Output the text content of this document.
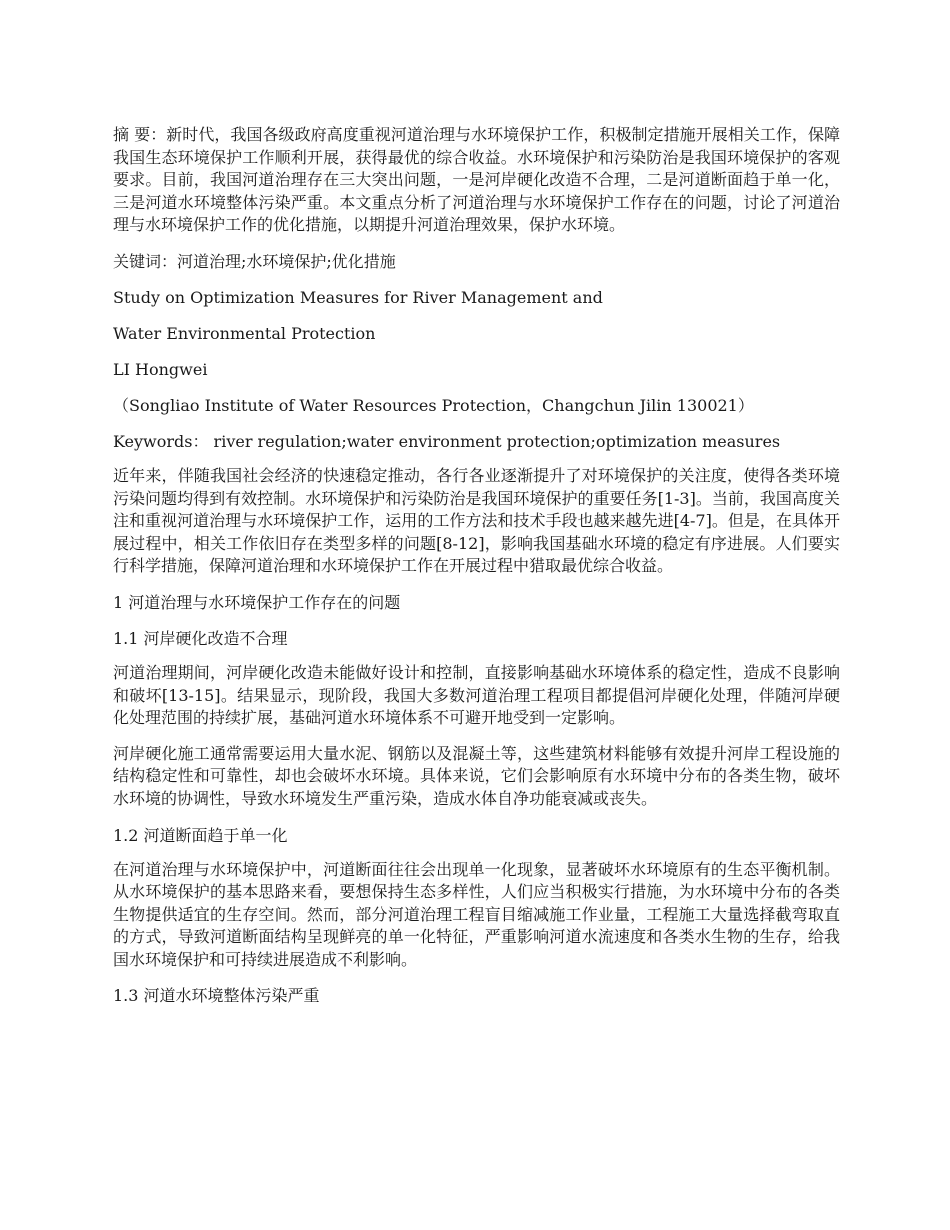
摘 要：新时代，我国各级政府高度重视河道治理与水环境保护工作，积极制定措施开展相关工作，保障我国生态环境保护工作顺利开展，获得最优的综合收益。水环境保护和污染防治是我国环境保护的客观要求。目前，我国河道治理存在三大突出问题，一是河岸硬化改造不合理，二是河道断面趋于单一化，三是河道水环境整体污染严重。本文重点分析了河道治理与水环境保护工作存在的问题，讨论了河道治理与水环境保护工作的优化措施，以期提升河道治理效果，保护水环境。

关键词：河道治理;水环境保护;优化措施

Study on Optimization Measures for River Management and

Water Environmental Protection

LI Hongwei

（Songliao Institute of Water Resources Protection，Changchun Jilin 130021）

Keywords： river regulation;water environment protection;optimization measures

近年来，伴随我国社会经济的快速稳定推动，各行各业逐渐提升了对环境保护的关注度，使得各类环境污染问题均得到有效控制。水环境保护和污染防治是我国环境保护的重要任务[1-3]。当前，我国高度关注和重视河道治理与水环境保护工作，运用的工作方法和技术手段也越来越先进[4-7]。但是，在具体开展过程中，相关工作依旧存在类型多样的问题[8-12]，影响我国基础水环境的稳定有序进展。人们要实行科学措施，保障河道治理和水环境保护工作在开展过程中猎取最优综合收益。

1 河道治理与水环境保护工作存在的问题

1.1 河岸硬化改造不合理

河道治理期间，河岸硬化改造未能做好设计和控制，直接影响基础水环境体系的稳定性，造成不良影响和破坏[13-15]。结果显示，现阶段，我国大多数河道治理工程项目都提倡河岸硬化处理，伴随河岸硬化处理范围的持续扩展，基础河道水环境体系不可避开地受到一定影响。

河岸硬化施工通常需要运用大量水泥、钢筋以及混凝土等，这些建筑材料能够有效提升河岸工程设施的结构稳定性和可靠性，却也会破坏水环境。具体来说，它们会影响原有水环境中分布的各类生物，破坏水环境的协调性，导致水环境发生严重污染，造成水体自净功能衰减或丧失。

1.2 河道断面趋于单一化

在河道治理与水环境保护中，河道断面往往会出现单一化现象，显著破坏水环境原有的生态平衡机制。从水环境保护的基本思路来看，要想保持生态多样性，人们应当积极实行措施，为水环境中分布的各类生物提供适宜的生存空间。然而，部分河道治理工程盲目缩减施工作业量，工程施工大量选择截弯取直的方式，导致河道断面结构呈现鲜亮的单一化特征，严重影响河道水流速度和各类水生物的生存，给我国水环境保护和可持续进展造成不利影响。

1.3 河道水环境整体污染严重
